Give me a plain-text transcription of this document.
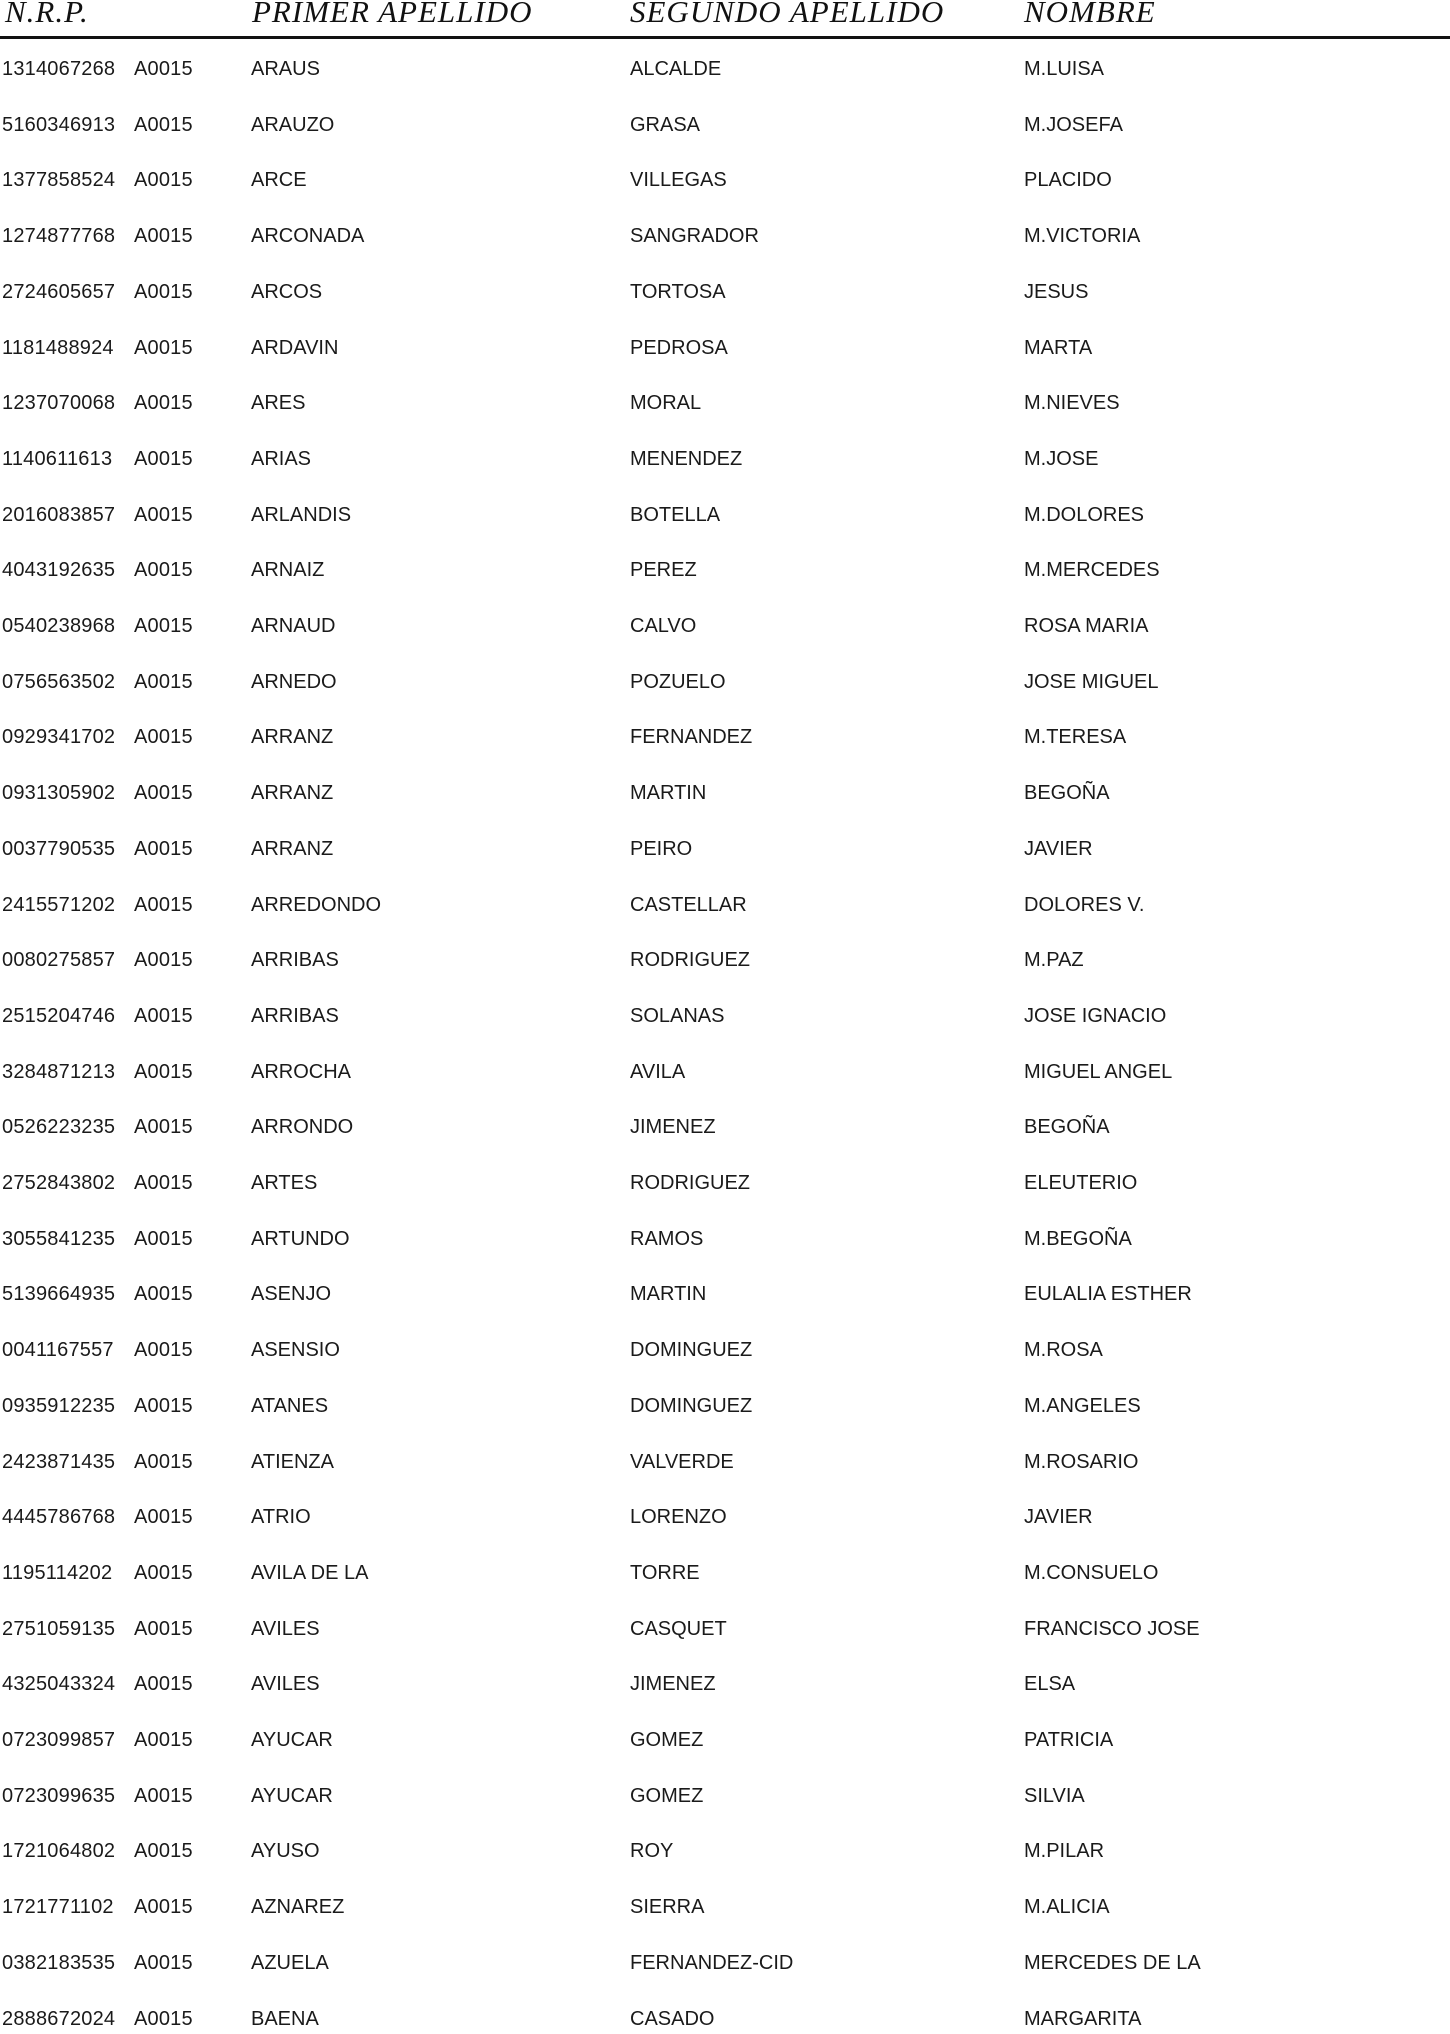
N.R.P.	PRIMER APELLIDO	SEGUNDO APELLIDO	NOMBRE
1314067268 A0015	ARAUS	ALCALDE	M.LUISA
5160346913 A0015	ARAUZO	GRASA	M.JOSEFA
1377858524 A0015	ARCE	VILLEGAS	PLACIDO
1274877768 A0015	ARCONADA	SANGRADOR	M.VICTORIA
2724605657 A0015	ARCOS	TORTOSA	JESUS
1181488924 A0015	ARDAVIN	PEDROSA	MARTA
1237070068 A0015	ARES	MORAL	M.NIEVES
1140611613 A0015	ARIAS	MENENDEZ	M.JOSE
2016083857 A0015	ARLANDIS	BOTELLA	M.DOLORES
4043192635 A0015	ARNAIZ	PEREZ	M.MERCEDES
0540238968 A0015	ARNAUD	CALVO	ROSA MARIA
0756563502 A0015	ARNEDO	POZUELO	JOSE MIGUEL
0929341702 A0015	ARRANZ	FERNANDEZ	M.TERESA
0931305902 A0015	ARRANZ	MARTIN	BEGOÑA
0037790535 A0015	ARRANZ	PEIRO	JAVIER
2415571202 A0015	ARREDONDO	CASTELLAR	DOLORES V.
0080275857 A0015	ARRIBAS	RODRIGUEZ	M.PAZ
2515204746 A0015	ARRIBAS	SOLANAS	JOSE IGNACIO
3284871213 A0015	ARROCHA	AVILA	MIGUEL ANGEL
0526223235 A0015	ARRONDO	JIMENEZ	BEGOÑA
2752843802 A0015	ARTES	RODRIGUEZ	ELEUTERIO
3055841235 A0015	ARTUNDO	RAMOS	M.BEGOÑA
5139664935 A0015	ASENJO	MARTIN	EULALIA ESTHER
0041167557 A0015	ASENSIO	DOMINGUEZ	M.ROSA
0935912235 A0015	ATANES	DOMINGUEZ	M.ANGELES
2423871435 A0015	ATIENZA	VALVERDE	M.ROSARIO
4445786768 A0015	ATRIO	LORENZO	JAVIER
1195114202 A0015	AVILA DE LA	TORRE	M.CONSUELO
2751059135 A0015	AVILES	CASQUET	FRANCISCO JOSE
4325043324 A0015	AVILES	JIMENEZ	ELSA
0723099857 A0015	AYUCAR	GOMEZ	PATRICIA
0723099635 A0015	AYUCAR	GOMEZ	SILVIA
1721064802 A0015	AYUSO	ROY	M.PILAR
1721771102 A0015	AZNAREZ	SIERRA	M.ALICIA
0382183535 A0015	AZUELA	FERNANDEZ-CID	MERCEDES DE LA
2888672024 A0015	BAENA	CASADO	MARGARITA
